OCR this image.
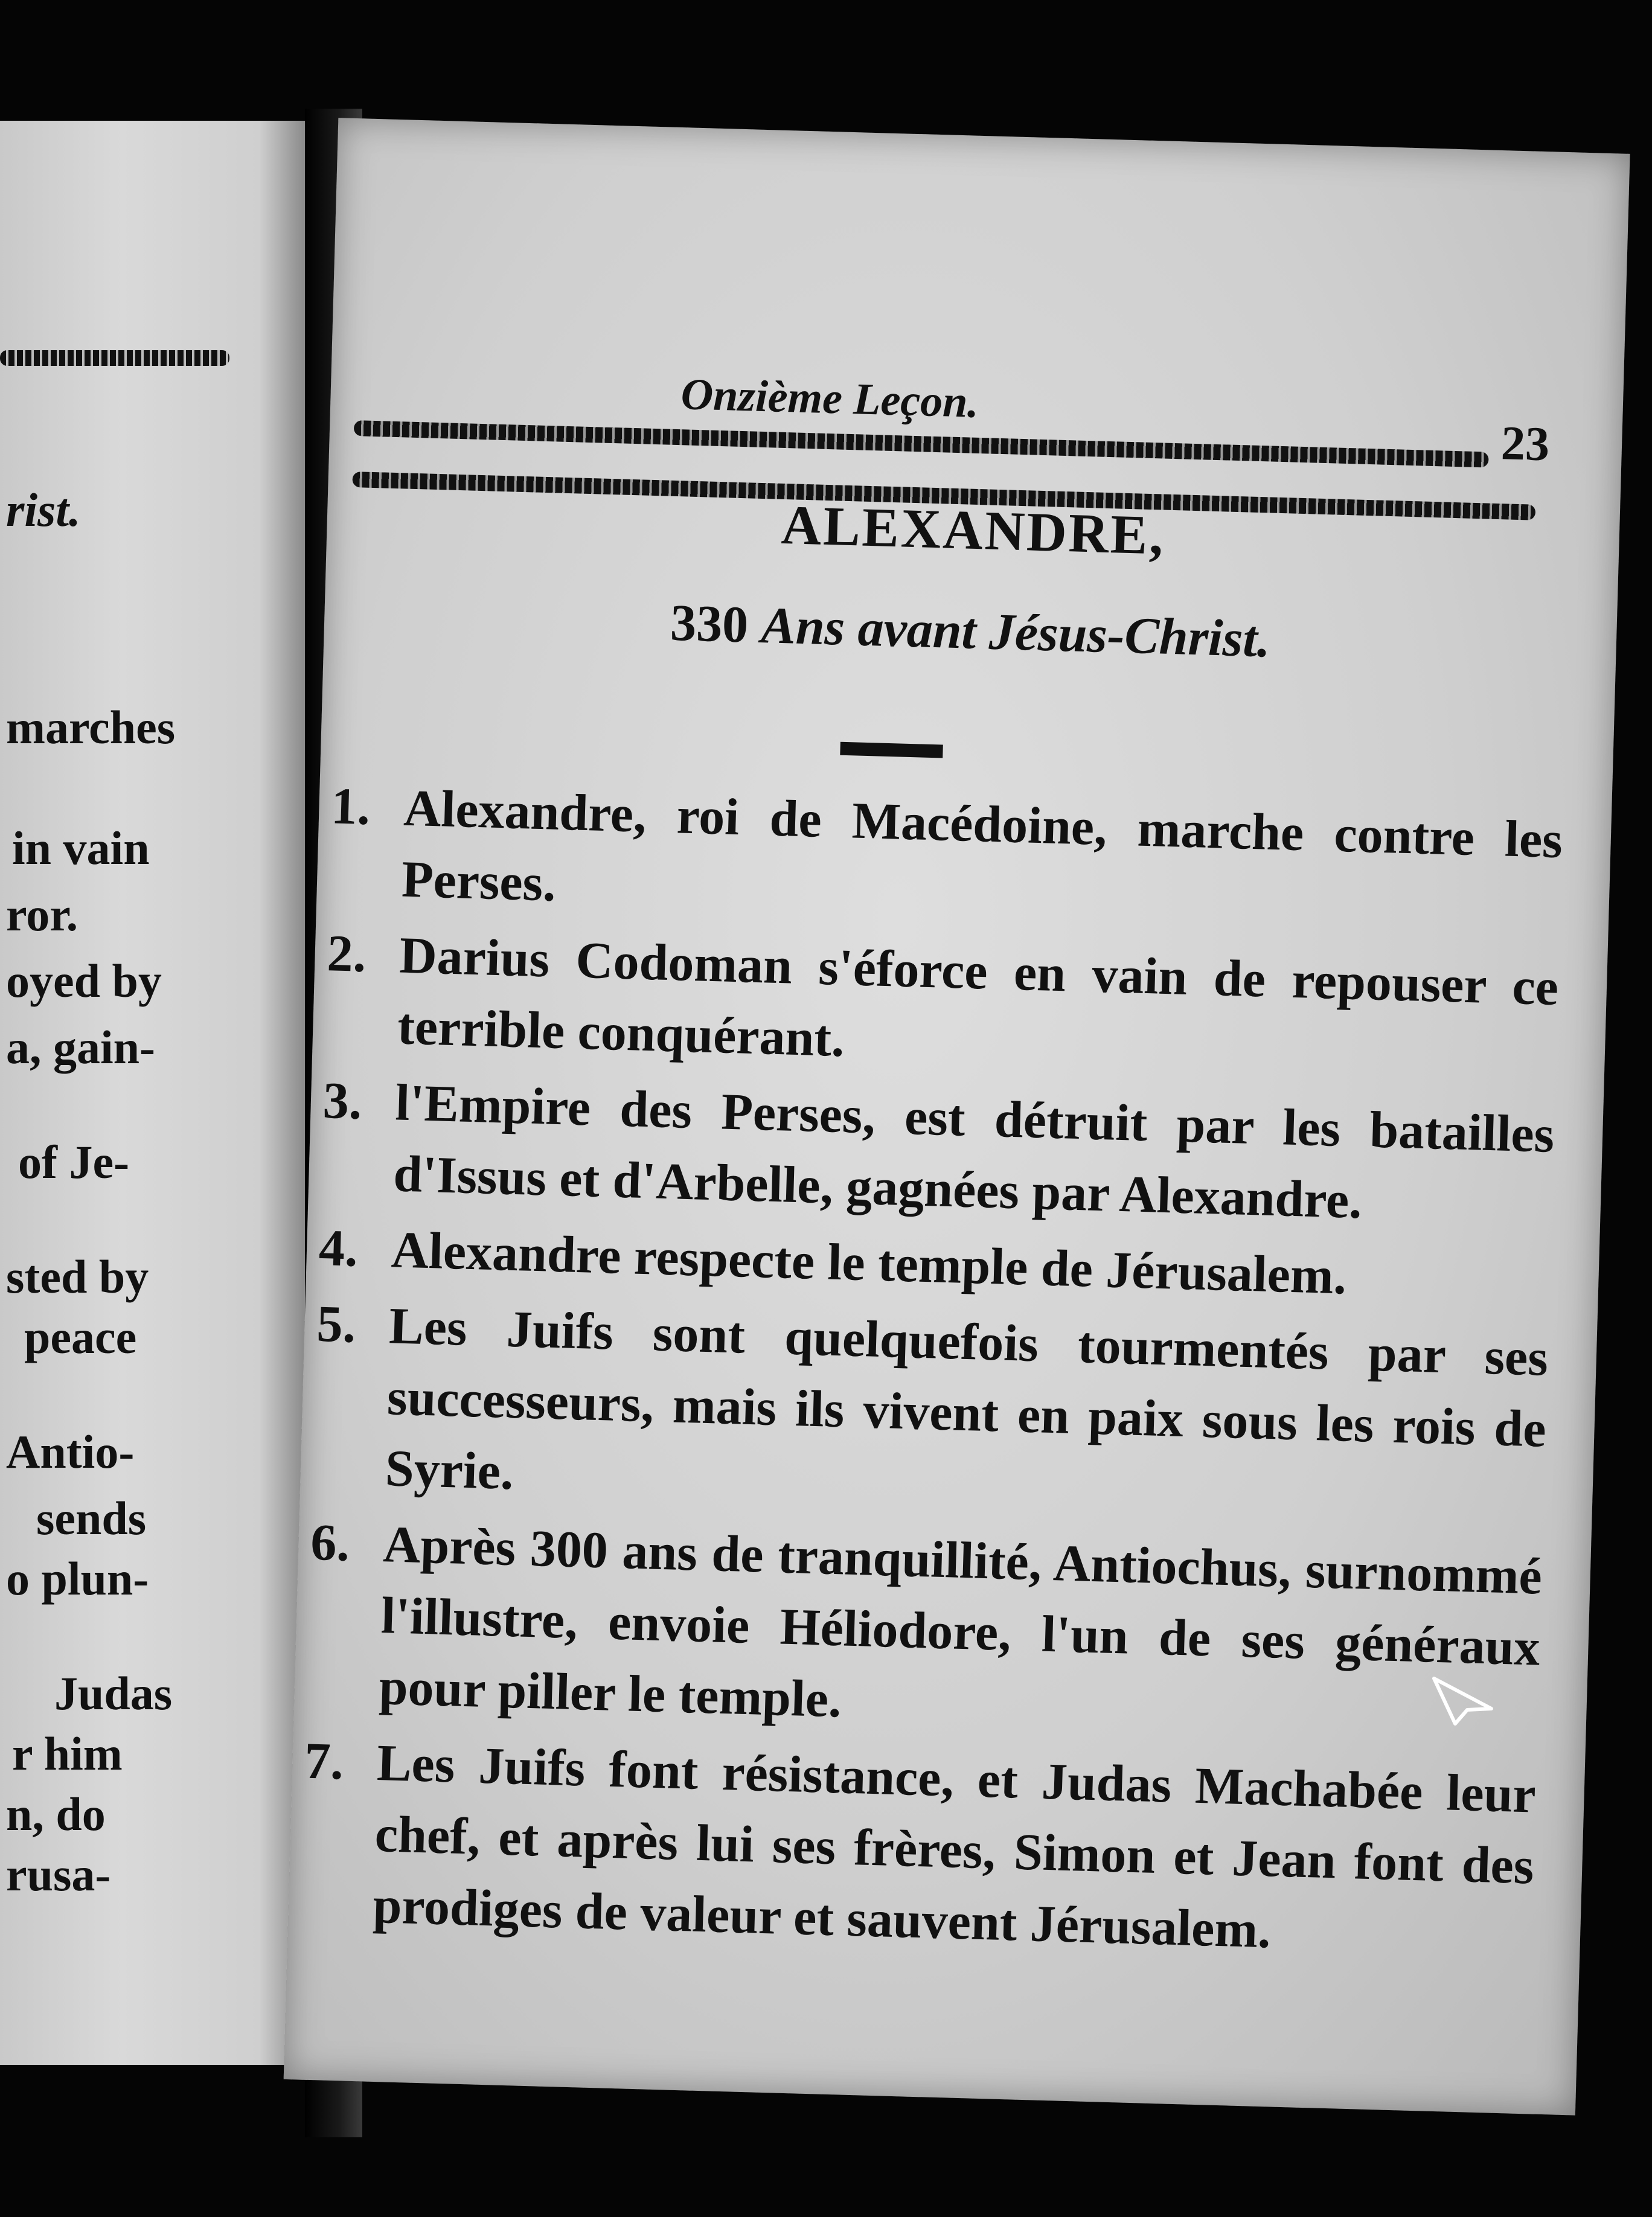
rist.
marches
in vain
ror.
oyed by
a, gain-
of Je-
sted by
peace
Antio-
sends
o plun-
Judas
r him
n, do
rusa-
Onzième Leçon.
23
ALEXANDRE,
330 Ans avant Jésus-Christ.
1. Alexandre, roi de Macédoine, marche contre les Perses.
2. Darius Codoman s'éforce en vain de repouser ce terrible conquérant.
3. l'Empire des Perses, est détruit par les batailles d'Issus et d'Arbelle, gagnées par Alexandre.
4. Alexandre respecte le temple de Jérusalem.
5. Les Juifs sont quelquefois tourmentés par ses successeurs, mais ils vivent en paix sous les rois de Syrie.
6. Après 300 ans de tranquillité, Antiochus, surnommé l'illustre, envoie Héliodore, l'un de ses généraux pour piller le temple.
7. Les Juifs font résistance, et Judas Machabée leur chef, et après lui ses frères, Simon et Jean font des prodiges de valeur et sauvent Jérusalem.
